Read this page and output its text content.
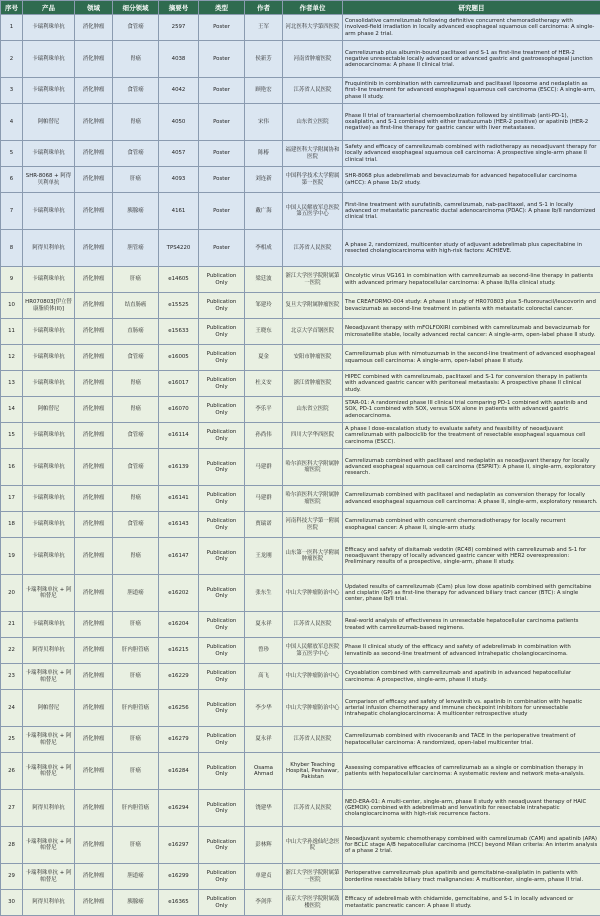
序号	产品	领域	细分领域	摘要号	类型	作者	作者单位	研究题目
1	卡瑞利珠单抗	消化肿瘤	食管癌	2597	Poster	王军	河北医科大学第四医院	Consolidative camrelizumab following definitive concurrent chemoradiotherapy with involved-field irradiation in locally advanced esophageal squamous cell carcinoma: A single-arm phase 2 trial.
2	卡瑞利珠单抗	消化肿瘤	胃癌	4038	Poster	侯新芳	河南省肿瘤医院	Camrelizumab plus albumin-bound paclitaxel and S-1 as first-line treatment of HER-2 negative unresectable locally advanced or advanced gastric and gastroesophageal junction adenocarcinoma: A phase II clinical trial.
3	卡瑞利珠单抗	消化肿瘤	食管癌	4042	Poster	顾艳宏	江苏省人民医院	Fruquintinib in combination with camrelizumab and paclitaxel liposome and nedaplatin as first-line treatment for advanced esophageal squamous cell carcinoma (ESCC): A single-arm, phase II study.
4	阿帕替尼	消化肿瘤	胃癌	4050	Poster	宋伟	山东省立医院	Phase II trial of transarterial chemoembolization followed by sintilimab (anti-PD-1), oxaliplatin, and S-1 combined with either trastuzumab (HER-2 positive) or apatinib (HER-2 negative) as first-line therapy for gastric cancer with liver metastases.
5	卡瑞利珠单抗	消化肿瘤	食管癌	4057	Poster	陈椿	福建医科大学附属协和医院	Safety and efficacy of camrelizumab combined with radiotherapy as neoadjuvant therapy for locally advanced esophageal squamous cell carcinoma: A prospective single-arm phase II clinical trial.
6	SHR-8068 + 阿得贝利单抗	消化肿瘤	肝癌	4093	Poster	刘连新	中国科学技术大学附属第一医院	SHR-8068 plus adebrelimab and bevacizumab for advanced hepatocellular carcinoma (aHCC): A phase 1b/2 study.
7	卡瑞利珠单抗	消化肿瘤	胰腺癌	4161	Poster	戴广海	中国人民解放军总医院第五医学中心	First-line treatment with surufatinib, camrelizumab, nab-paclitaxel, and S-1 in locally advanced or metastatic pancreatic ductal adenocarcinoma (PDAC): A phase Ib/II randomized clinical trial.
8	阿得贝利单抗	消化肿瘤	胆管癌	TPS4220	Poster	李相成	江苏省人民医院	A phase 2, randomized, multicenter study of adjuvant adebrelimab plus capecitabine in resected cholangiocarcinoma with high-risk factors: ACHIEVE.
9	卡瑞利珠单抗	消化肿瘤	肝癌	e14605	Publication Only	梁廷波	浙江大学医学院附属第一医院	Oncolytic virus VG161 in combination with camrelizumab as second-line therapy in patients with advanced primary hepatocellular carcinoma: A phase Ib/IIa clinical study.
10	HR070803[伊立替康脂质体(II)]	消化肿瘤	结直肠癌	e15525	Publication Only	邹建玲	复旦大学附属肿瘤医院	The CREAFORMO-004 study: A phase II study of HR070803 plus 5-fluorouracil/leucovorin and bevacizumab as second-line treatment in patients with metastatic colorectal cancer.
11	卡瑞利珠单抗	消化肿瘤	直肠癌	e15633	Publication Only	王晓东	北京大学首钢医院	Neoadjuvant therapy with mFOLFOXIRI combined with camrelizumab and bevacizumab for microsatellite stable, locally advanced rectal cancer: A single-arm, open-label phase II study.
12	卡瑞利珠单抗	消化肿瘤	食管癌	e16005	Publication Only	夏金	安阳市肿瘤医院	Camrelizumab plus with nimotuzumab in the second-line treatment of advanced esophageal squamous cell carcinoma: A single-arm, open-label phase II study.
13	卡瑞利珠单抗	消化肿瘤	胃癌	e16017	Publication Only	杜义安	浙江省肿瘤医院	HIPEC combined with camrelizumab, paclitaxel and S-1 for conversion therapy in patients with advanced gastric cancer with peritoneal metastasis: A prospective phase II clinical study.
14	阿帕替尼	消化肿瘤	胃癌	e16070	Publication Only	李乐平	山东省立医院	STAR-01: A randomized phase III clinical trial comparing PD-1 combined with apatinib and SOX, PD-1 combined with SOX, versus SOX alone in patients with advanced gastric adenocarcinoma.
15	卡瑞利珠单抗	消化肿瘤	食管癌	e16114	Publication Only	孙尚伟	四川大学华西医院	A phase I dose-escalation study to evaluate safety and feasibility of neoadjuvant camrelizumab with palbociclib for the treatment of resectable esophageal squamous cell carcinoma (ESCC).
16	卡瑞利珠单抗	消化肿瘤	食管癌	e16139	Publication Only	马建群	哈尔滨医科大学附属肿瘤医院	Camrelizumab combined with paclitaxel and nedaplatin as neoadjuvant therapy for locally advanced esophageal squamous cell carcinoma (ESPRIT): A phase II, single-arm, exploratory research.
17	卡瑞利珠单抗	消化肿瘤	胃癌	e16141	Publication Only	马建群	哈尔滨医科大学附属肿瘤医院	Camrelizumab combined with paclitaxel and nedaplatin as conversion therapy for locally advanced esophageal squamous cell carcinoma: A phase II, single-arm, exploratory research.
18	卡瑞利珠单抗	消化肿瘤	食管癌	e16143	Publication Only	贾瑞诺	河南科技大学第一附属医院	Camrelizumab combined with concurrent chemoradiotherapy for locally recurrent esophageal cancer: A phase II, single-arm study.
19	卡瑞利珠单抗	消化肿瘤	胃癌	e16147	Publication Only	王龙刚	山东第一医科大学附属肿瘤医院	Efficacy and safety of disitamab vedotin (RC48) combined with camrelizumab and S-1 for neoadjuvant therapy of locally advanced gastric cancer with HER2 overexpression: Preliminary results of a prospective, single-arm, phase II study.
20	卡瑞利珠单抗 + 阿帕替尼	消化肿瘤	胆道癌	e16202	Publication Only	张东生	中山大学肿瘤防治中心	Updated results of camrelizumab (Cam) plus low dose apatinib combined with gemcitabine and cisplatin (GP) as first-line therapy for advanced biliary tract cancer (BTC): A single center, phase Ib/II trial.
21	卡瑞利珠单抗	消化肿瘤	肝癌	e16204	Publication Only	夏永祥	江苏省人民医院	Real-world analysis of effectiveness in unresectable hepatocellular carcinoma patients treated with camrelizumab-based regimens.
22	阿得贝利单抗	消化肿瘤	肝内胆管癌	e16215	Publication Only	曾珍	中国人民解放军总医院第五医学中心	Phase II clinical study of the efficacy and safety of adebrelimab in combination with lenvatinib as second-line treatment of advanced intrahepatic cholangiocarcinoma.
23	卡瑞利珠单抗 + 阿帕替尼	消化肿瘤	肝癌	e16229	Publication Only	高飞	中山大学肿瘤防治中心	Cryoablation combined with camrelizumab and apatinib in advanced hepatocellular carcinoma: A prospective, single-arm, phase II study.
24	阿帕替尼	消化肿瘤	肝内胆管癌	e16256	Publication Only	李少华	中山大学肿瘤防治中心	Comparison of efficacy and safety of lenvatinib vs. apatinib in combination with hepatic arterial infusion chemotherapy and immune checkpoint inhibitors for unresectable intrahepatic cholangiocarcinoma: A multicenter retrospective study
25	卡瑞利珠单抗 + 阿帕替尼	消化肿瘤	肝癌	e16279	Publication Only	夏永祥	江苏省人民医院	Camrelizumab combined with rivoceranib and TACE in the perioperative treatment of hepatocellular carcinoma: A randomized, open-label multicenter trial.
26	卡瑞利珠单抗 + 阿帕替尼	消化肿瘤	肝癌	e16284	Publication Only	Osama Ahmad	Khyber Teaching Hospital, Peshawar, Pakistan	Assessing comparative efficacies of camrelizumab as a single or combination therapy in patients with hepatocellular carcinoma: A systematic review and network meta-analysis.
27	阿得贝利单抗	消化肿瘤	肝内胆管癌	e16294	Publication Only	饶建华	江苏省人民医院	NEO-ERA-01: A multi-center, single-arm, phase II study with neoadjuvant therapy of HAIC (GEMOX) combined with adebrelimab and lenvatinib for resectable intrahepatic cholangiocarcinoma with high-risk recurrence factors.
28	卡瑞利珠单抗 + 阿帕替尼	消化肿瘤	肝癌	e16297	Publication Only	彭林辉	中山大学孙逸仙纪念医院	Neoadjuvant systemic chemotherapy combined with camrelizumab (CAM) and apatinib (APA) for BCLC stage A/B hepatocellular carcinoma (HCC) beyond Milan criteria: An interim analysis of a phase 2 trial.
29	卡瑞利珠单抗 + 阿帕替尼	消化肿瘤	胆道癌	e16299	Publication Only	单建贞	浙江大学医学院附属第一医院	Perioperative camrelizumab plus apatinib and gemcitabine-oxaliplatin in patients with borderline resectable biliary tract malignancies: A multicenter, single-arm, phase II trial.
30	阿得贝利单抗	消化肿瘤	胰腺癌	e16365	Publication Only	李剑萍	南京大学医学院附属鼓楼医院	Efficacy of adebrelimab with chidamide, gemcitabine, and S-1 in locally advanced or metastatic pancreatic cancer: A phase II study.
